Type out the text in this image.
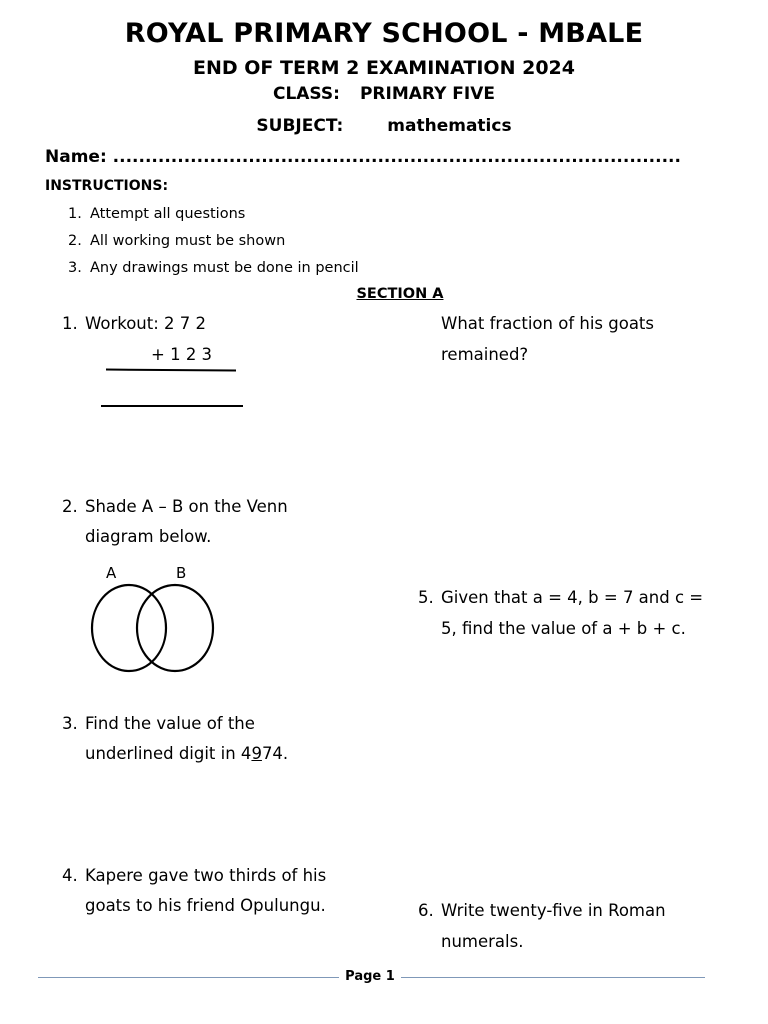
ROYAL PRIMARY SCHOOL - MBALE
END OF TERM 2 EXAMINATION 2024
CLASS: PRIMARY FIVE
SUBJECT:	mathematics
Name: ........................................................................................
INSTRUCTIONS:
1. Attempt all questions
2. All working must be shown
3. Any drawings must be done in pencil
SECTION A
1. Workout: 2 7 2
+ 1 2 3
2. Shade A – B on the Venn
diagram below.
A	B
3. Find the value of the
underlined digit in 4974.
4. Kapere gave two thirds of his
goats to his friend Opulungu.
What fraction of his goats
remained?
5. Given that a = 4, b = 7 and c =
5, find the value of a + b + c.
6. Write twenty-five in Roman
numerals.
Page 1
